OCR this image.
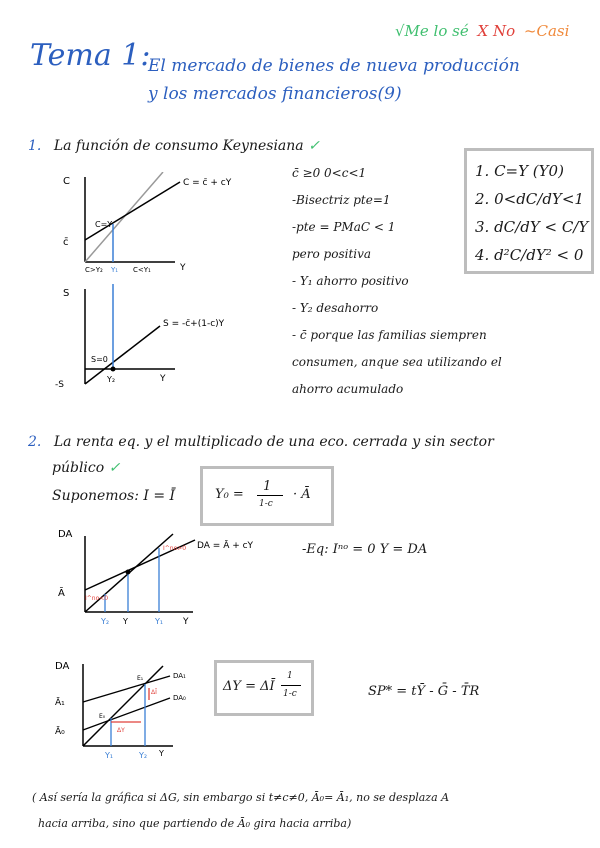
√Me lo sé X No ~Casi
Tema 1:
El mercado de bienes de nueva producción
y los mercados financieros(9)
1. La función de consumo Keynesiana ✓
C
Y
C = c̄ + cY
c̄
C=Y
C>Y₂ Y₁ C<Y₁
S
Y
S = -c̄+(1-c)Y
S=0
-S
Y₂
c̄ ≥0 0<c<1
-Bisectriz pte=1
-pte = PMaC < 1
pero positiva
- Y₁ ahorro positivo
- Y₂ desahorro
- c̄ porque las familias siempren
consumen, anque sea utilizando el
ahorro acumulado
1. C=Y (Y0)
2. 0<dC/dY<1
3. dC/dY < C/Y
4. d²C/dY² < 0
2. La renta eq. y el multiplicado de una eco. cerrada y sin sector
público ✓
Suponemos: I = Ī	Y₀ =
1
1-c
· Ā
-Eq: Iⁿᵒ = 0 Y = DA
DA
Y
DA = Ā + cY
Ā
Y₂ Y	Y₁
I^no>0
I^no<0
DA
Y
DA₁
DA₀
Ā₁
Ā₀
E₀
E₁
ΔĪ
ΔY
Y₁	Y₂
ΔY = ΔĪ
1
1-c	SP* = tȲ - Ḡ - T̄R
( Así sería la gráfica si ΔG, sin embargo si t≠c≠0, Ā₀= Ā₁, no se desplaza A
hacia arriba, sino que partiendo de Ā₀ gira hacia arriba)
